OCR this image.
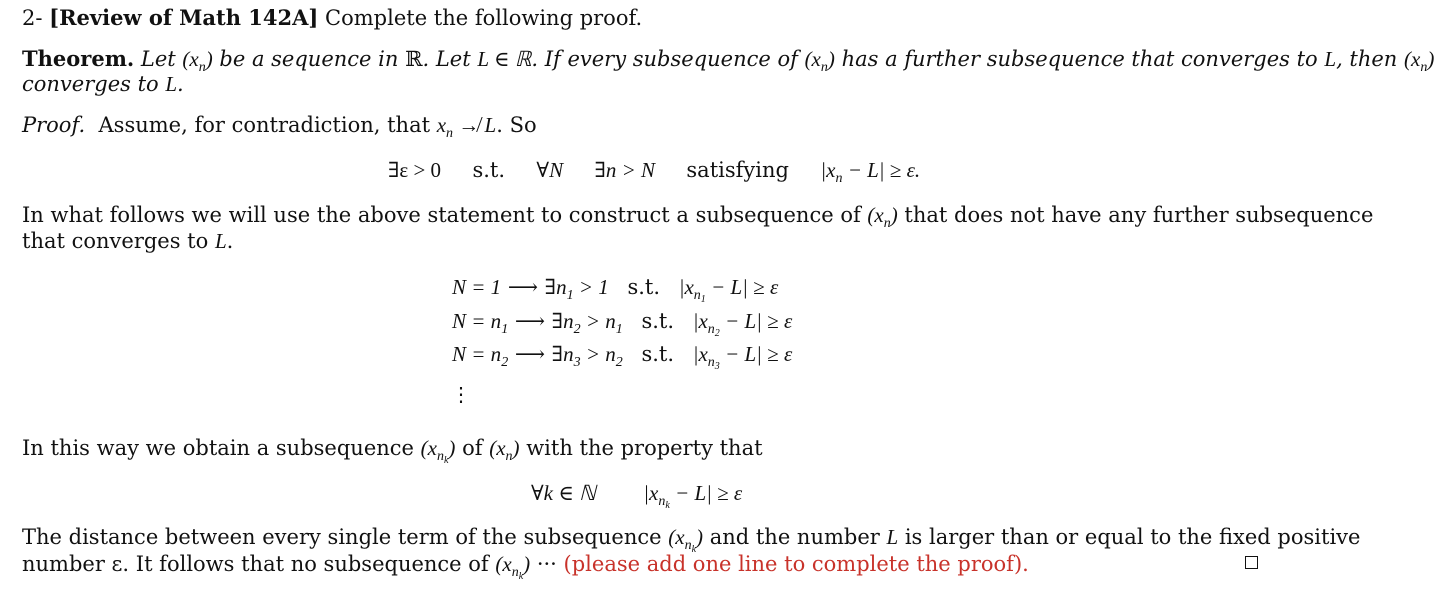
2- [Review of Math 142A] Complete the following proof.
Theorem. Let $(x_n)$ be a sequence in ℝ. Let L ∈ ℝ. If every subsequence of $(x_n)$ has a further subsequence that converges to L, then $(x_n)$
converges to L.
Proof. Assume, for contradiction, that $x_n$ ↛ L. So
∃ε > 0 s.t. ∀N ∃n > N satisfying $|x_n - L| \ge \varepsilon$.
In what follows we will use the above statement to construct a subsequence of $(x_n)$ that does not have any further subsequence
that converges to L.
N = 1 ⟶ $\exists n_1 > 1$ s.t. $|x_{n_1} - L| \ge \varepsilon$
$N = n_1$ ⟶ $\exists n_2 > n_1$ s.t. $|x_{n_2} - L| \ge \varepsilon$
$N = n_2$ ⟶ $\exists n_3 > n_2$ s.t. $|x_{n_3} - L| \ge \varepsilon$
⋮
In this way we obtain a subsequence $(x_{n_k})$ of $(x_n)$ with the property that
∀k ∈ ℕ $|x_{n_k} - L| \ge \varepsilon$
The distance between every single term of the subsequence $(x_{n_k})$ and the number L is larger than or equal to the fixed positive
number ε. It follows that no subsequence of $(x_{n_k})$ ··· (please add one line to complete the proof).
